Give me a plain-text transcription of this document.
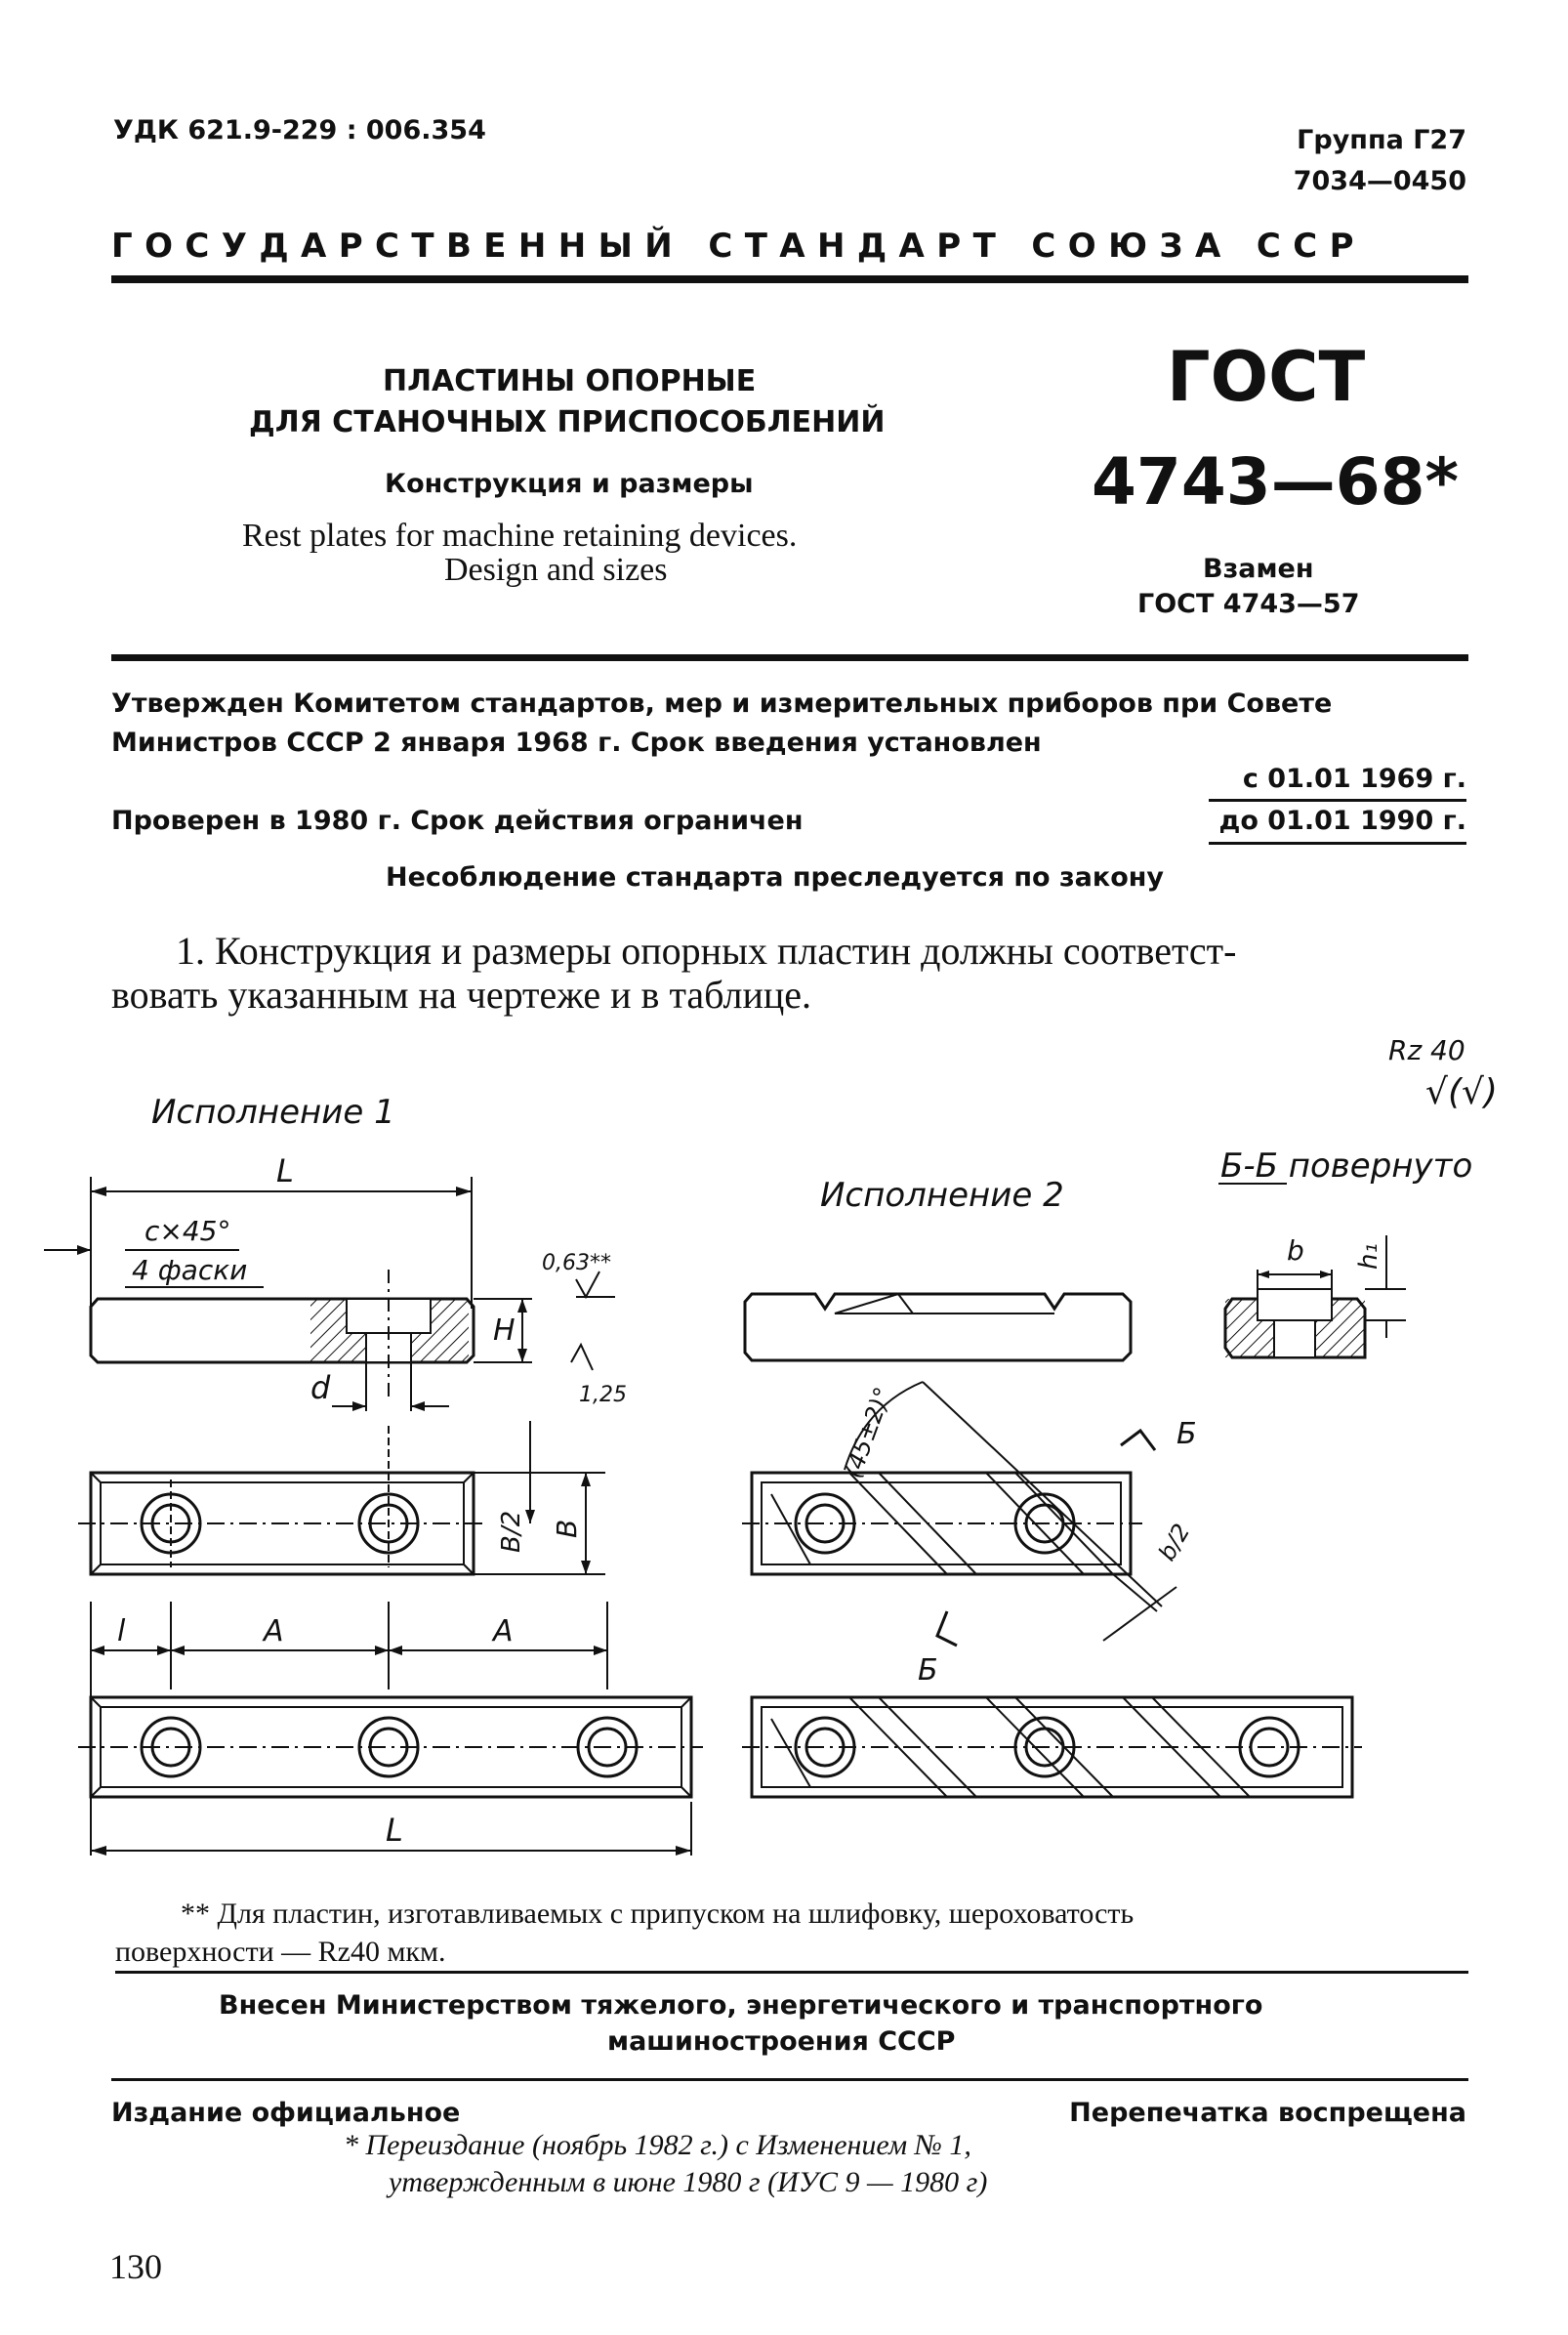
УДК 621.9-229 : 006.354	Группа Г27
7034—0450
ГОСУДАРСТВЕННЫЙ СТАНДАРТ СОЮЗА ССР
ПЛАСТИНЫ ОПОРНЫЕ
ДЛЯ СТАНОЧНЫХ ПРИСПОСОБЛЕНИЙ
Конструкция и размеры
Rest plates for machine retaining devices.
Design and sizes
ГОСТ
4743—68*
Взамен
ГОСТ 4743—57
Утвержден Комитетом стандартов, мер и измерительных приборов при Совете
Министров СССР 2 января 1968 г. Срок введения установлен
с 01.01 1969 г.
Проверен в 1980 г. Срок действия ограничен	до 01.01 1990 г.
Несоблюдение стандарта преследуется по закону
1. Конструкция и размеры опорных пластин должны соответст-
вовать указанным на чертеже и в таблице.
Rz 40
√(√)
Исполнение 1
Исполнение 2
Б-Б повернуто
L
c×45°
4 фаски
d
H
0,63**
1,25
B/2 B
l	A	A
L
(45±2)°
b/2
Б
Б
b h₁
** Для пластин, изготавливаемых с припуском на шлифовку, шероховатость
поверхности — Rz40 мкм.
Внесен Министерством тяжелого, энергетического и транспортного
машиностроения СССР
Издание официальное	Перепечатка воспрещена
* Переиздание (ноябрь 1982 г.) с Изменением № 1,
утвержденным в июне 1980 г (ИУС 9 — 1980 г)
130
